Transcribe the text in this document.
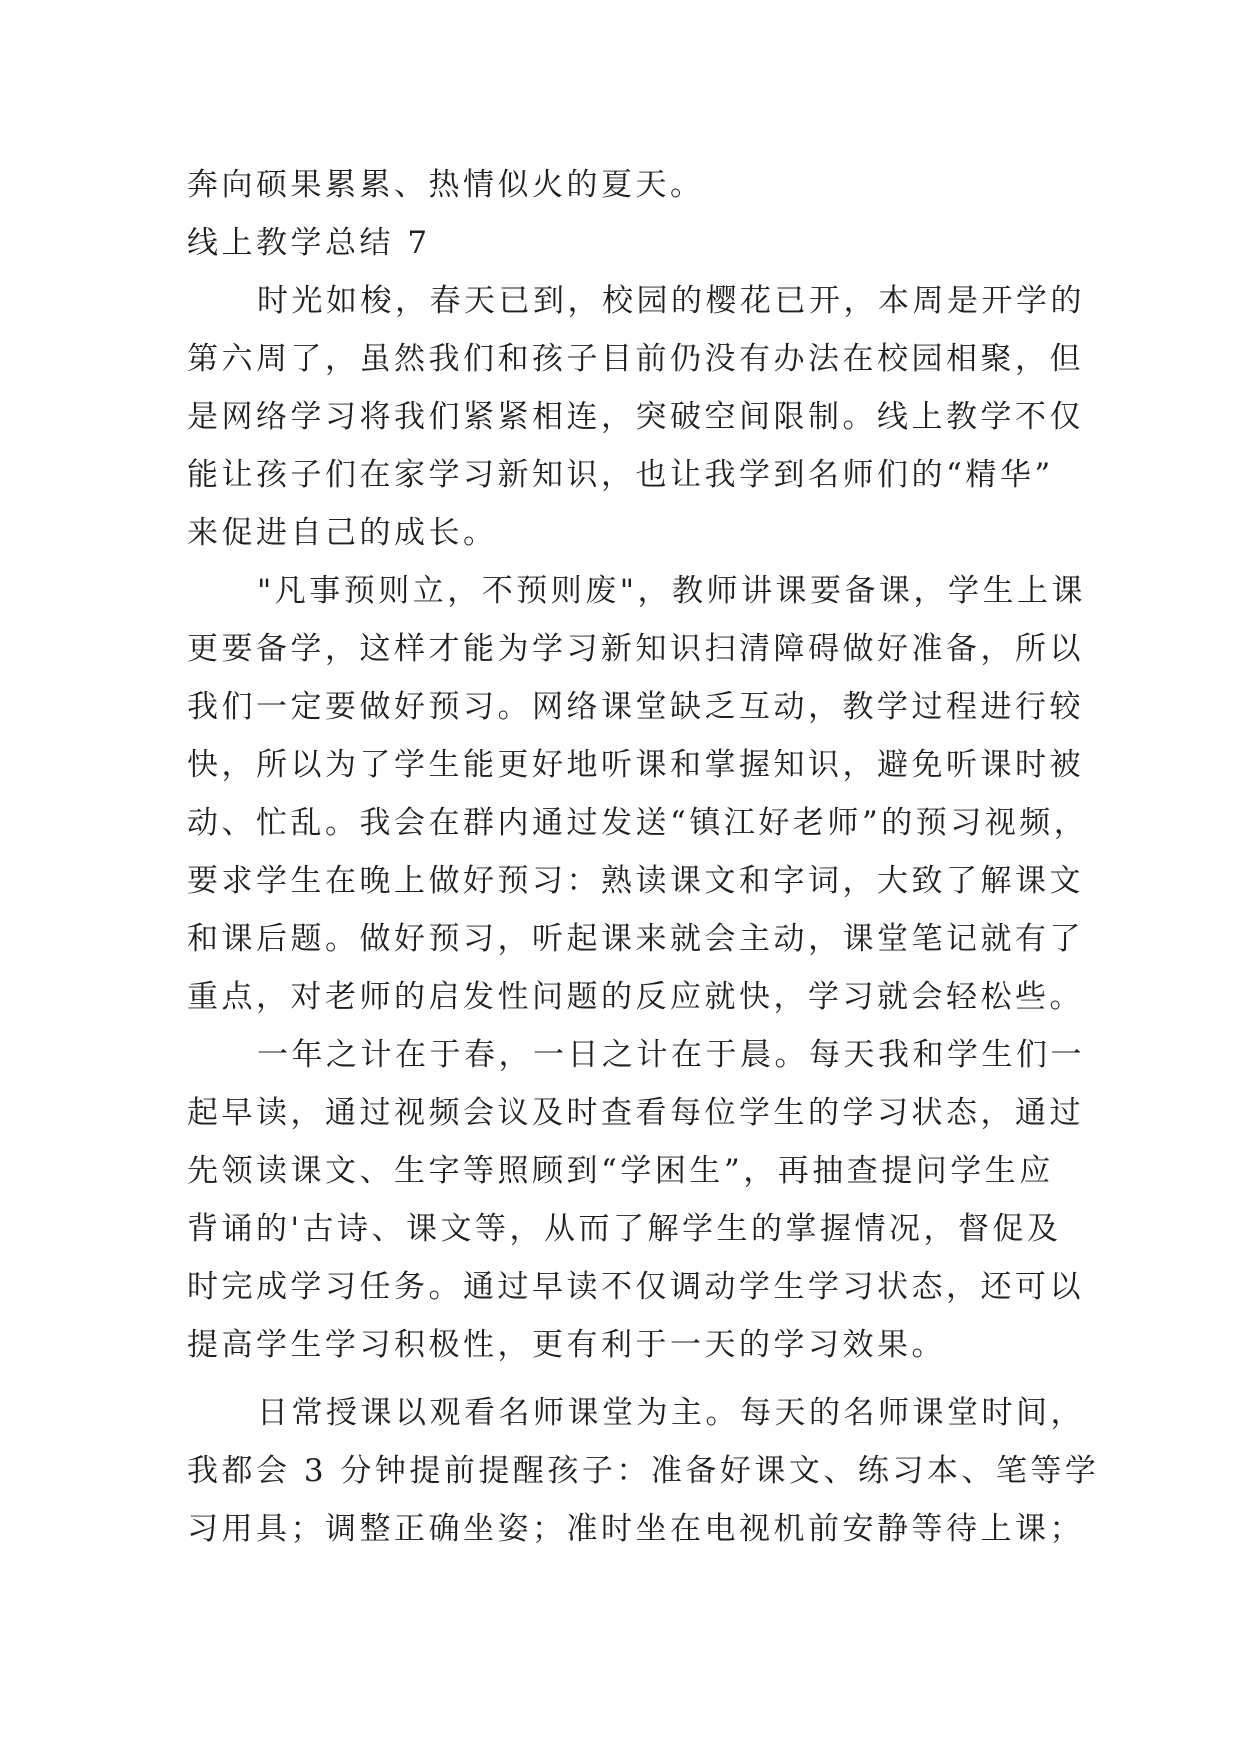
奔向硕果累累、热情似火的夏天。

线上教学总结 7

时光如梭，春天已到，校园的樱花已开，本周是开学的

第六周了，虽然我们和孩子目前仍没有办法在校园相聚，但

是网络学习将我们紧紧相连，突破空间限制。线上教学不仅

能让孩子们在家学习新知识，也让我学到名师们的“精华”

来促进自己的成长。

"凡事预则立，不预则废"，教师讲课要备课，学生上课

更要备学，这样才能为学习新知识扫清障碍做好准备，所以

我们一定要做好预习。网络课堂缺乏互动，教学过程进行较

快，所以为了学生能更好地听课和掌握知识，避免听课时被

动、忙乱。我会在群内通过发送“镇江好老师”的预习视频，

要求学生在晚上做好预习：熟读课文和字词，大致了解课文

和课后题。做好预习，听起课来就会主动，课堂笔记就有了

重点，对老师的启发性问题的反应就快，学习就会轻松些。

一年之计在于春，一日之计在于晨。每天我和学生们一

起早读，通过视频会议及时查看每位学生的学习状态，通过

先领读课文、生字等照顾到“学困生”，再抽查提问学生应

背诵的'古诗、课文等，从而了解学生的掌握情况，督促及

时完成学习任务。通过早读不仅调动学生学习状态，还可以

提高学生学习积极性，更有利于一天的学习效果。

日常授课以观看名师课堂为主。每天的名师课堂时间，

我都会 3 分钟提前提醒孩子：准备好课文、练习本、笔等学

习用具；调整正确坐姿；准时坐在电视机前安静等待上课；
